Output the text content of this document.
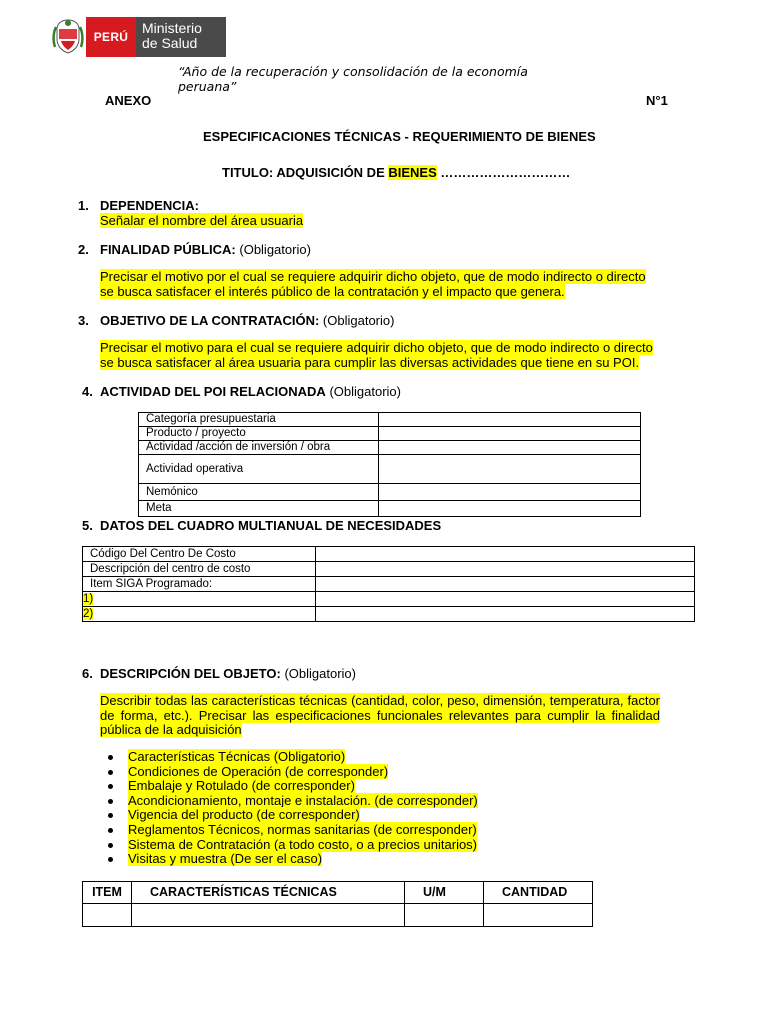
PERÚ
Ministerio
de Salud
“Año de la recuperación y consolidación de la economía
peruana”
ANEXO	N°1
ESPECIFICACIONES TÉCNICAS - REQUERIMIENTO DE BIENES
TITULO: ADQUISICIÓN DE BIENES …………………………
1. DEPENDENCIA:
Señalar el nombre del área usuaria
2. FINALIDAD PÚBLICA: (Obligatorio)
Precisar el motivo por el cual se requiere adquirir dicho objeto, que de modo indirecto o directo
se busca satisfacer el interés público de la contratación y el impacto que genera.
3. OBJETIVO DE LA CONTRATACIÓN: (Obligatorio)
Precisar el motivo para el cual se requiere adquirir dicho objeto, que de modo indirecto o directo
se busca satisfacer al área usuaria para cumplir las diversas actividades que tiene en su POI.
4. ACTIVIDAD DEL POI RELACIONADA (Obligatorio)
Categoría presupuestaria	
Producto / proyecto	
Actividad /acción de inversión / obra	
Actividad operativa	
Nemónico	
Meta	
5. DATOS DEL CUADRO MULTIANUAL DE NECESIDADES
Código Del Centro De Costo	
Descripción del centro de costo	
Item SIGA Programado:	
1)	
2)	
6. DESCRIPCIÓN DEL OBJETO: (Obligatorio)
Describir todas las características técnicas (cantidad, color, peso, dimensión, temperatura, factor
de forma, etc.). Precisar las especificaciones funcionales relevantes para cumplir la finalidad
pública de la adquisición
Características Técnicas (Obligatorio)
Condiciones de Operación (de corresponder)
Embalaje y Rotulado (de corresponder)
Acondicionamiento, montaje e instalación. (de corresponder)
Vigencia del producto (de corresponder)
Reglamentos Técnicos, normas sanitarias (de corresponder)
Sistema de Contratación (a todo costo, o a precios unitarios)
Visitas y muestra (De ser el caso)
ITEM	CARACTERÍSTICAS TÉCNICAS	U/M	CANTIDAD
